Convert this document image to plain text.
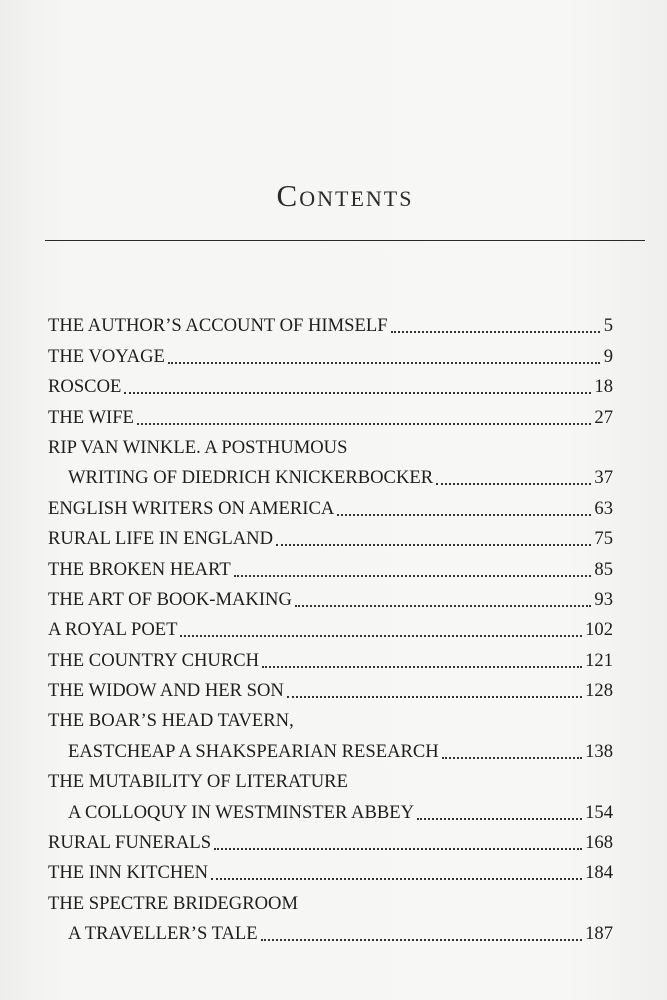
Contents
THE AUTHOR’S ACCOUNT OF HIMSELF	5
THE VOYAGE	9
ROSCOE	18
THE WIFE	27
RIP VAN WINKLE. A POSTHUMOUS
WRITING OF DIEDRICH KNICKERBOCKER	37
ENGLISH WRITERS ON AMERICA	63
RURAL LIFE IN ENGLAND	75
THE BROKEN HEART	85
THE ART OF BOOK-MAKING	93
A ROYAL POET	102
THE COUNTRY CHURCH	121
THE WIDOW AND HER SON	128
THE BOAR’S HEAD TAVERN,
EASTCHEAP A SHAKSPEARIAN RESEARCH	138
THE MUTABILITY OF LITERATURE
A COLLOQUY IN WESTMINSTER ABBEY	154
RURAL FUNERALS	168
THE INN KITCHEN	184
THE SPECTRE BRIDEGROOM
A TRAVELLER’S TALE	187
